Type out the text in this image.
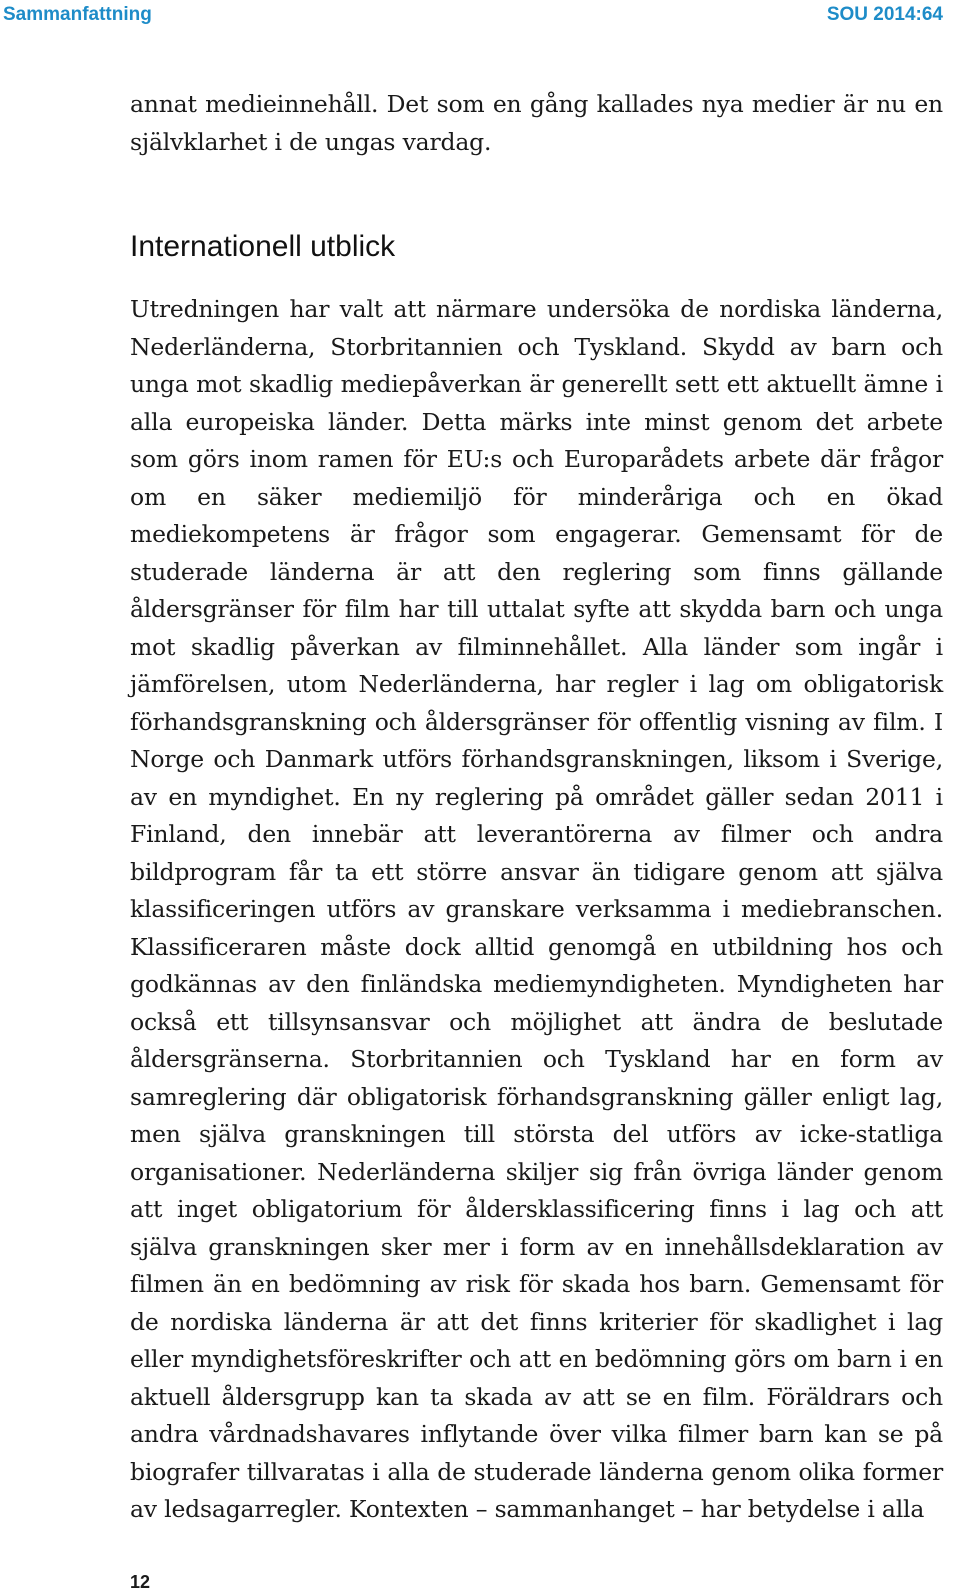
Sammanfattning	SOU 2014:64

annat medieinnehåll. Det som en gång kallades nya medier är nu en självklarhet i de ungas vardag.

Internationell utblick

Utredningen har valt att närmare undersöka de nordiska länderna, Nederländerna, Storbritannien och Tyskland. Skydd av barn och unga mot skadlig mediepåverkan är generellt sett ett aktuellt ämne i alla europeiska länder. Detta märks inte minst genom det arbete som görs inom ramen för EU:s och Europarådets arbete där frågor om en säker mediemiljö för minderåriga och en ökad mediekompetens är frågor som engagerar. Gemensamt för de studerade länderna är att den reglering som finns gällande åldersgränser för film har till uttalat syfte att skydda barn och unga mot skadlig påverkan av filminnehållet. Alla länder som ingår i jämförelsen, utom Nederländerna, har regler i lag om obligatorisk förhandsgranskning och åldersgränser för offentlig visning av film. I Norge och Danmark utförs förhandsgranskningen, liksom i Sverige, av en myndighet. En ny reglering på området gäller sedan 2011 i Finland, den innebär att leverantörerna av filmer och andra bildprogram får ta ett större ansvar än tidigare genom att själva klassificeringen utförs av granskare verksamma i mediebranschen. Klassificeraren måste dock alltid genomgå en utbildning hos och godkännas av den finländska mediemyndigheten. Myndigheten har också ett tillsynsansvar och möjlighet att ändra de beslutade åldersgränserna. Storbritannien och Tyskland har en form av samreglering där obligatorisk förhandsgranskning gäller enligt lag, men själva granskningen till största del utförs av icke-statliga organisationer. Nederländerna skiljer sig från övriga länder genom att inget obligatorium för åldersklassificering finns i lag och att själva granskningen sker mer i form av en innehållsdeklaration av filmen än en bedömning av risk för skada hos barn. Gemensamt för de nordiska länderna är att det finns kriterier för skadlighet i lag eller myndighetsföreskrifter och att en bedömning görs om barn i en aktuell åldersgrupp kan ta skada av att se en film. Föräldrars och andra vårdnadshavares inflytande över vilka filmer barn kan se på biografer tillvaratas i alla de studerade länderna genom olika former av ledsagarregler. Kontexten – sammanhanget – har betydelse i alla

12
